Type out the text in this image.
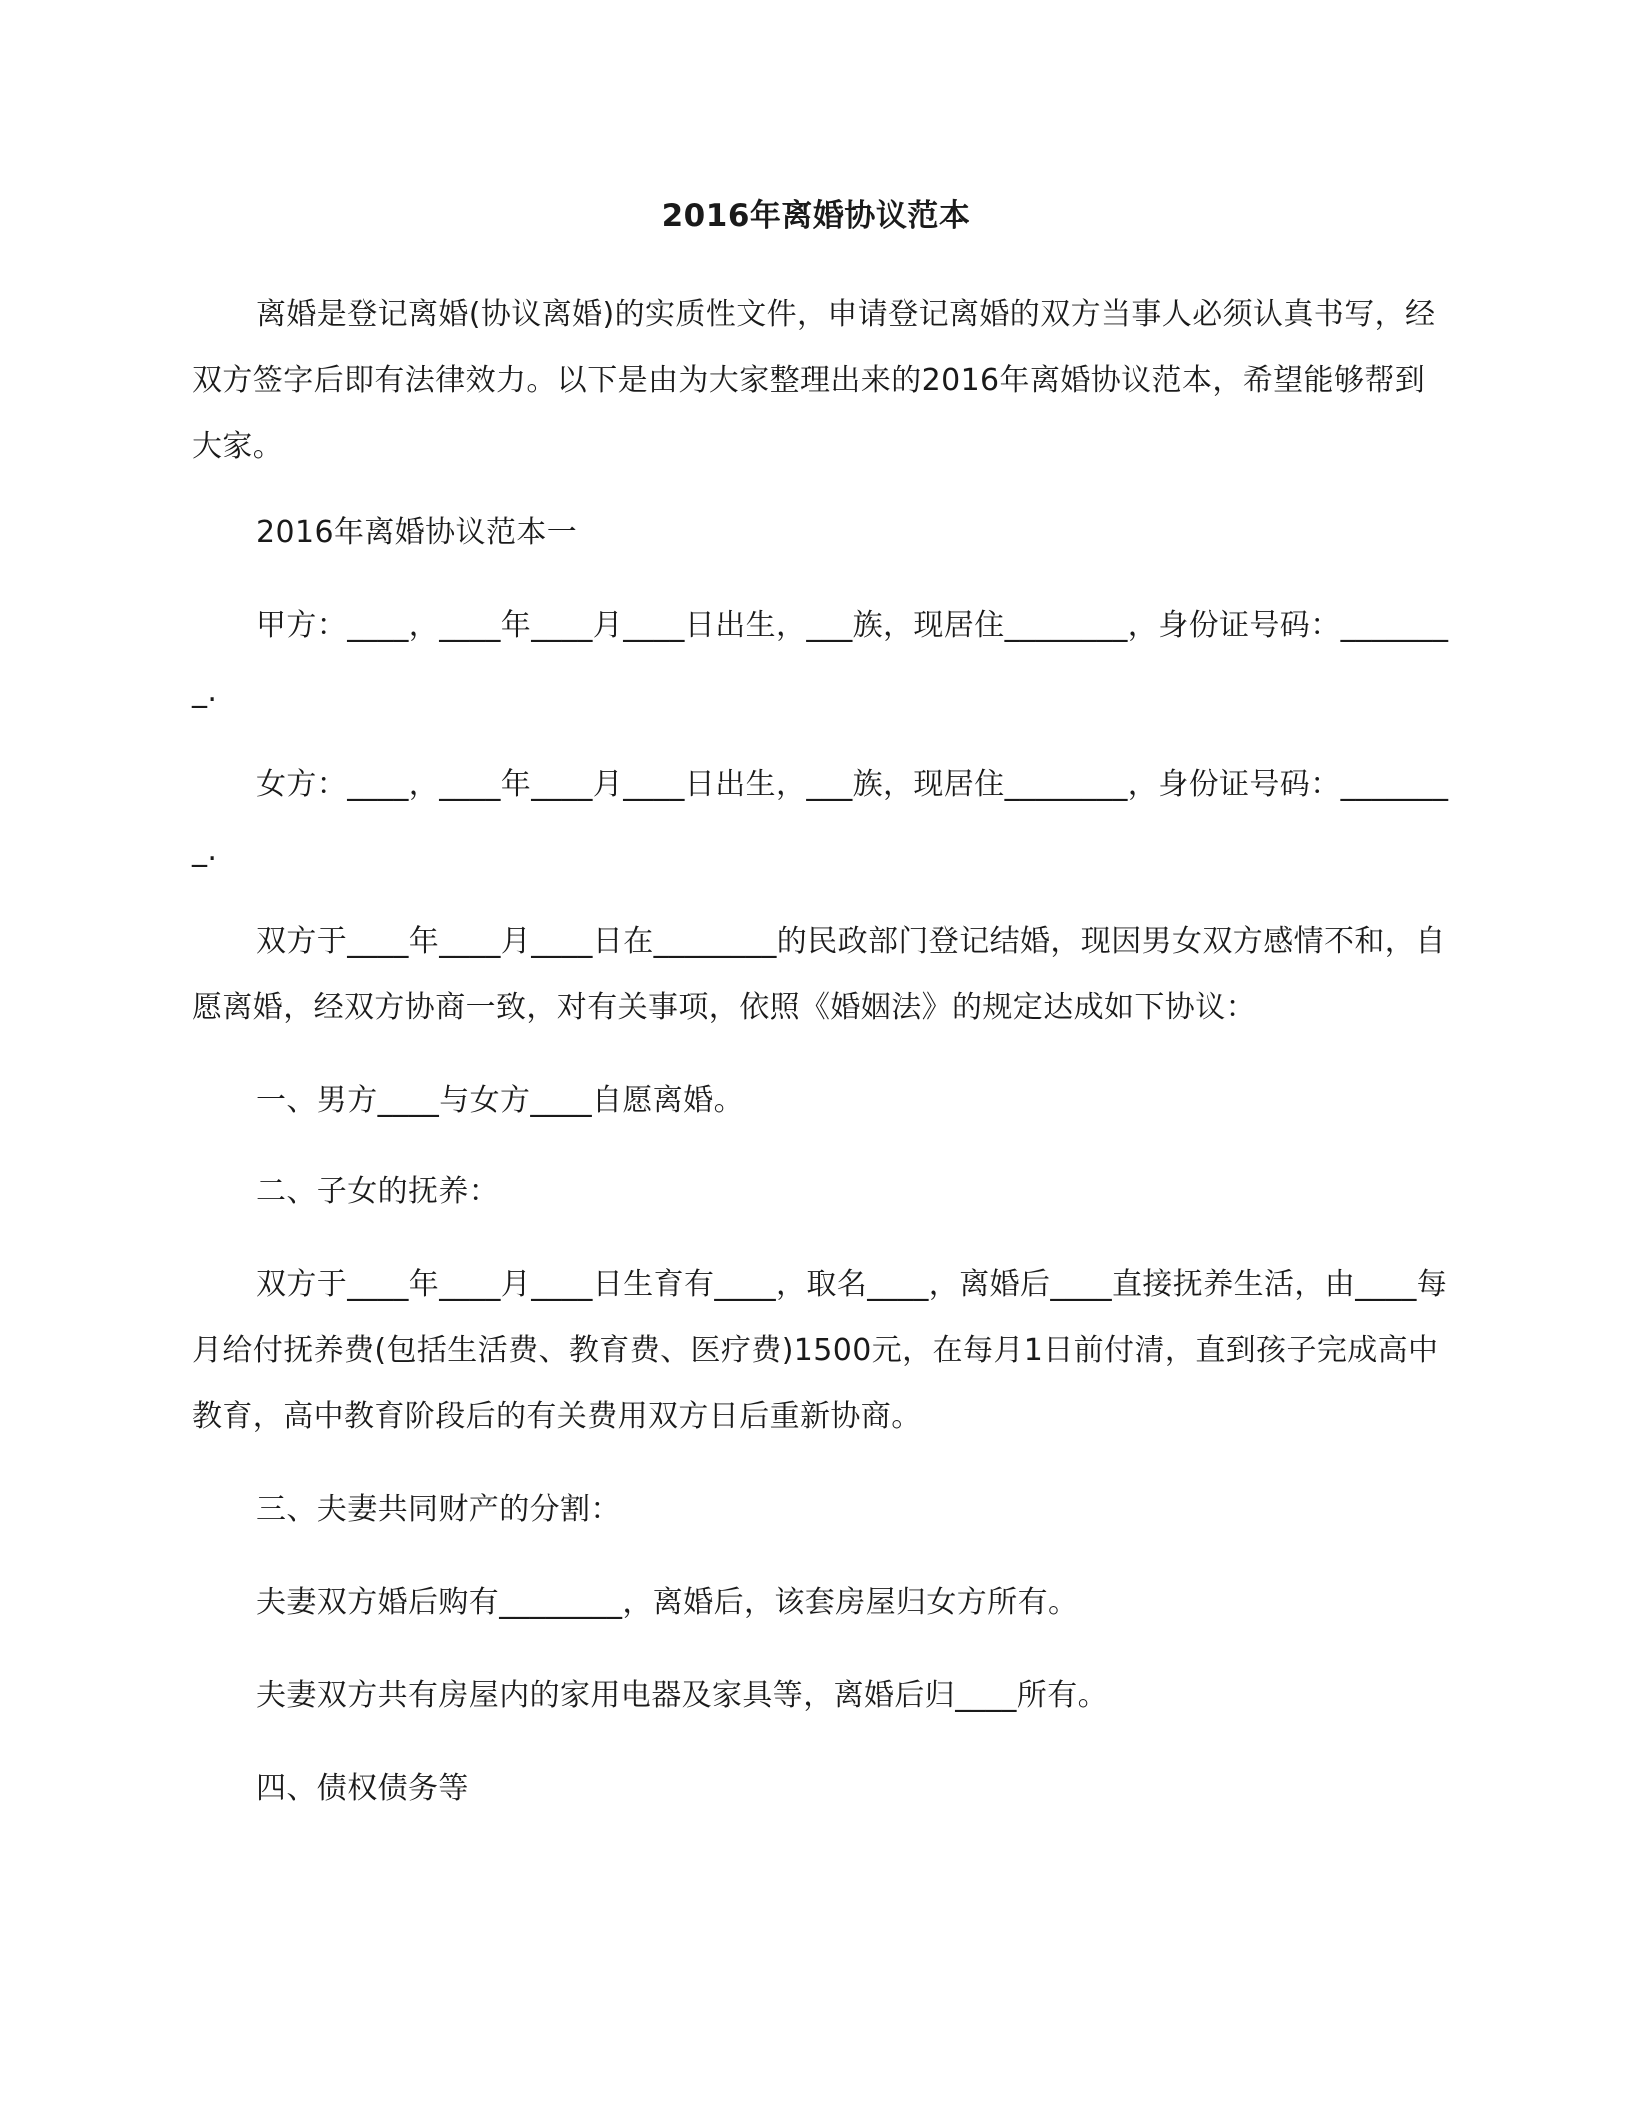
2016年离婚协议范本
离婚是登记离婚(协议离婚)的实质性文件，申请登记离婚的双方当事人必须认真书写，经双方签字后即有法律效力。以下是由为大家整理出来的2016年离婚协议范本，希望能够帮到大家。
2016年离婚协议范本一
甲方：____，____年____月____日出生，___族，现居住________，身份证号码：________.
女方：____，____年____月____日出生，___族，现居住________，身份证号码：________.
双方于____年____月____日在________的民政部门登记结婚，现因男女双方感情不和，自愿离婚，经双方协商一致，对有关事项，依照《婚姻法》的规定达成如下协议：
一、男方____与女方____自愿离婚。
二、子女的抚养：
双方于____年____月____日生育有____，取名____，离婚后____直接抚养生活，由____每月给付抚养费(包括生活费、教育费、医疗费)1500元，在每月1日前付清，直到孩子完成高中教育，高中教育阶段后的有关费用双方日后重新协商。
三、夫妻共同财产的分割：
夫妻双方婚后购有________，离婚后，该套房屋归女方所有。
夫妻双方共有房屋内的家用电器及家具等，离婚后归____所有。
四、债权债务等
